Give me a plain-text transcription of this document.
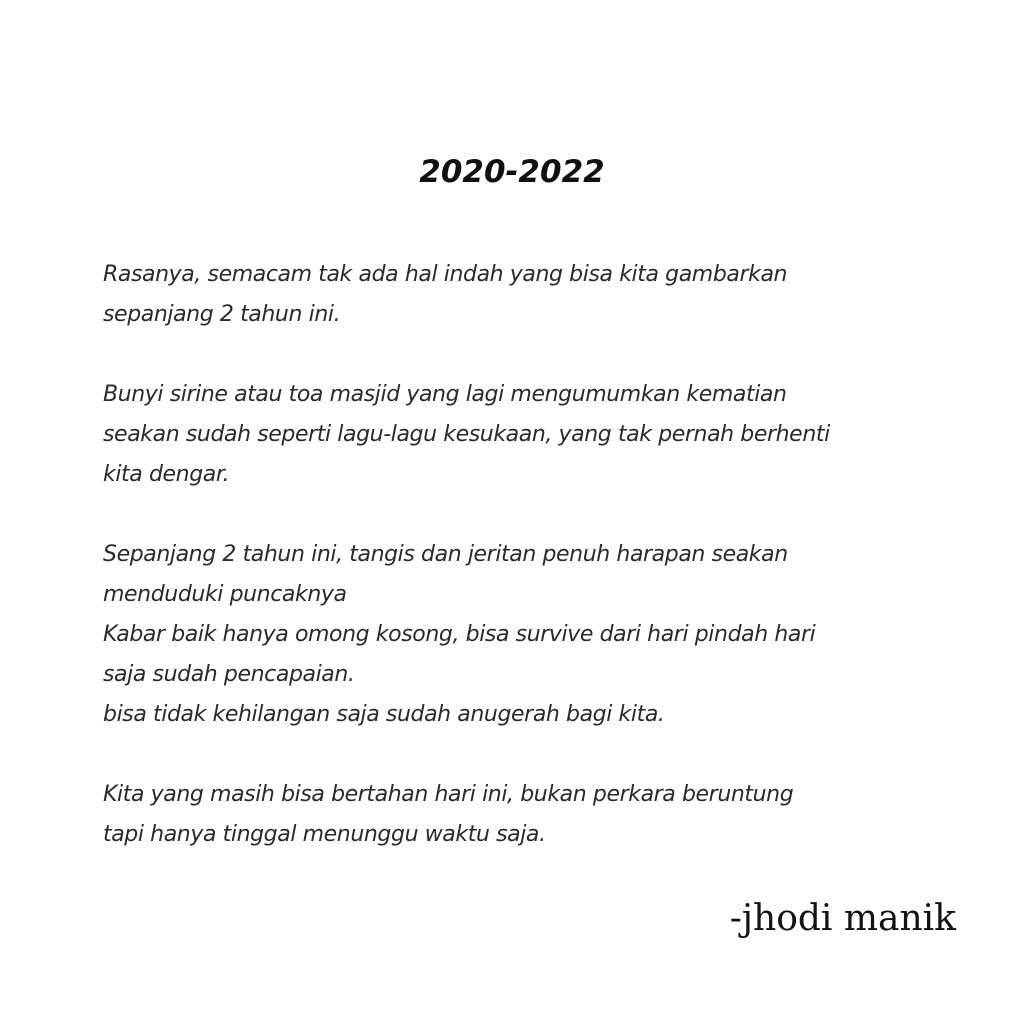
2020-2022

Rasanya, semacam tak ada hal indah yang bisa kita gambarkan
sepanjang 2 tahun ini.

Bunyi sirine atau toa masjid yang lagi mengumumkan kematian
seakan sudah seperti lagu-lagu kesukaan, yang tak pernah berhenti
kita dengar.

Sepanjang 2 tahun ini, tangis dan jeritan penuh harapan seakan
menduduki puncaknya
Kabar baik hanya omong kosong, bisa survive dari hari pindah hari
saja sudah pencapaian.
bisa tidak kehilangan saja sudah anugerah bagi kita.

Kita yang masih bisa bertahan hari ini, bukan perkara beruntung
tapi hanya tinggal menunggu waktu saja.

-jhodi manik
